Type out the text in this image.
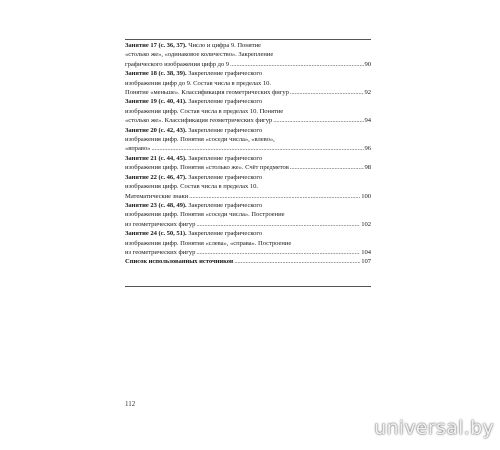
Занятие 17 (с. 36, 37). Число и цифра 9. Понятие
«столько же», «одинаковое количество». Закрепление
графического изображения цифр до 9 .....	90
Занятие 18 (с. 38, 39). Закрепление графического
изображения цифр до 9. Состав числа в пределах 10.
Понятие «меньше». Классификация геометрических фигур .....	92
Занятие 19 (с. 40, 41). Закрепление графического
изображения цифр. Состав числа в пределах 10. Понятие
«столько же». Классификация геометрических фигур .....	94
Занятие 20 (с. 42, 43). Закрепление графического
изображения цифр. Понятия «соседи числа», «влево»,
«вправо» .....	96
Занятие 21 (с. 44, 45). Закрепление графического
изображения цифр. Понятия «столько же». Счёт предметов .....	98
Занятие 22 (с. 46, 47). Закрепление графического
изображения цифр. Состав числа в пределах 10.
Математические знаки .....	100
Занятие 23 (с. 48, 49). Закрепление графического
изображения цифр. Понятия «соседи числа». Построение
из геометрических фигур .....	102
Занятие 24 (с. 50, 51). Закрепление графического
изображения цифр. Понятия «слева», «справа». Построение
из геометрических фигур .....	104
Список использованных источников .....	107
112
universal.by
